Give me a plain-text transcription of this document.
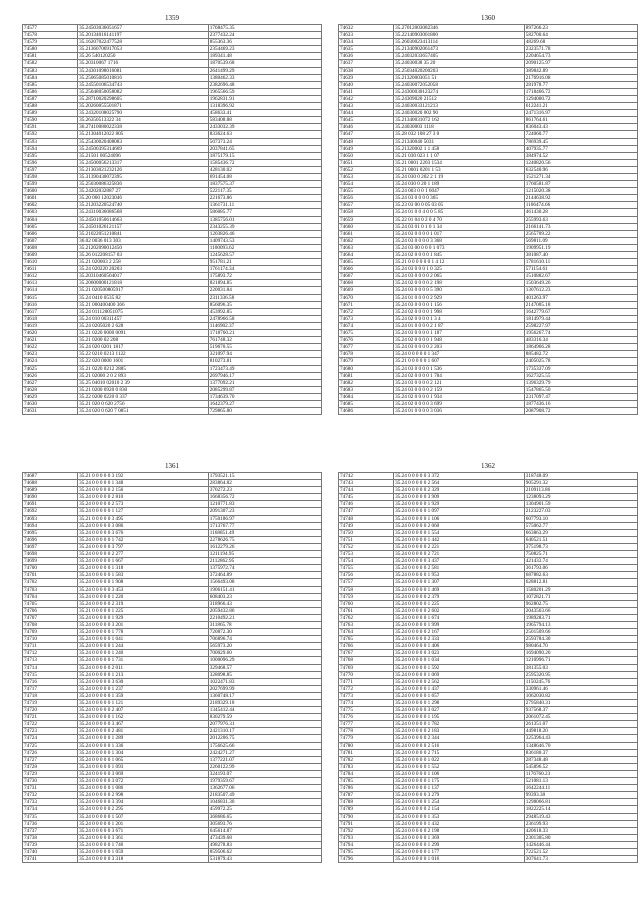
1359
74577	35.24503036051657	1768475.35
74578	35.20134016141197	2377432.24
74579	35.16207022477528	855363.36
74580	35.21360706917053	2354469.23
74581	35.26 540120250	189341.48
74582	35.20310067 1716	1870539.68
74583	35.24301098016081	2641499.29
74584	35.25065085010816	1380462.33
74585	35.24550106534743	2382696.48
74586	35.25048050058082	1965566.59
74587	35.28710020298605	1962831.91
74588	35.20260055501871	1318396.92
74589	35.24320108025790	458633.41
74590	35.26350513322 34	583408.88
74591	36.27410080022338	2433032.39
74592	35.21304012022 805	833624.63
74593	35.25430020408083	507373.24
74594	35.24500395314669	2037841.65
74595	35.21501 00524096	1875179.15
74596	35.24500056213317	1585436.72
74597	35.21303021232126	428130.02
74598	35.31390430072395	691454.08
74599	35.25030086325836	1837575.37
74600	35.24202032887 27	522117.35
74601	35.20 060 12023046	221673.86
74602	35.21203220524740	1361731.11
74603	35.24310036086568	586085.77
74604	35.24501050614663	1385756.01
74605	35.24501026121157	2343255.39
74606	35.21022051210841	1203826.46
74607	36.02 0036 013 303	1409743.53
74608	35.21202090012450	1100093.62
74609	35.26 012208157 03	1245628.57
74610	35.21 020003 2 258	951781.21
74611	35.24 020220 20203	1761174.34
74612	35.20310460504017	175893.72
74613	35.20600000121818	821894.85
74614	35.21 020500805917	220031.84
74615	35.24 0410 0535 82	2311336.58
74616	35.21 000400400 366	856096.35
74617	35.24 011120051075	453992.85
74618	35.24 010 00311457	2478966.58
74619	35.24 0205020 2 628	1146902.37
74620	35.21 0220 0000 0091	1718760.21
74621	35.21 0200 02 208	761748.32
74622	35.24 020 0201 1817	519670.55
74623	35.22 0210 0213 1122	321097.94
74624	35.22 020 0000 1601	810273.81
74625	35.21 0220 0212 2885	1723473.49
74626	35.21 02000 2 0 2 893	2697946.17
74627	35.25 04010 02010 2 39	1377092.21
74628	35.21 0200 0920 0 830	2085299.87
74629	35.22 0200 0220 0 337	1734639.70
74630	35.21 020 0 620 2756	1642379.27
74631	35.24 020 0 620 7 0851	729865.80
1360
74632	35.27012003082346	897266.23
74633	35.22140903001800	582700.64
74634	35.26030023413114	48269.68
74635	35.21340902061473	2323571.78
74636	35.24032033657405	2204654.73
74637	35.24030038 35 20	2090125.97
74638	35.25034020200203	389842.89
74639	35.21320003051 51	2176916.08
74640	35.24030072052058	281978.77
74641	35.24300030123274	1718466.72
74642	35.24309020 21512	1294000.72
74643	35.24030033121213	612241.21
74644	35.24030020 002 90	2471316.97
74645	35.21340031072 162	861764.61
74646	35.24030003 1118	836043.43
74647	35.28 032 108 27 3 0	724060.77
74648	35.21340040 5031	786939.45
74649	35.21320002 1 1 458	407935.77
74650	35.21 030 023 1 1 07	384974.52
74651	35.21 0001 2203 1534	1240820.56
74652	35.21 0001 0201 1 53	632540.96
74653	35.24 030 0 202 2 1 19	1521271.34
74654	35.24 030 0 20 1 189	1760581.87
74655	35.24 003 0 0 1 6047	1215020.38
74656	35.24 03 0 0 0 0 365	2144638.92
74657	35.23 03 00 0 05 03 05	1106474.66
74658	35.24 01 0 0 4 0 0 5 85	461430.28
74659	35.22 01 04 0 2 0 4 70	255993.63
74660	35.24 03 01 0 1 0 1 34	2166141.73
74661	35.24 03 0 0 0 0 1 017	2565709.22
74662	35.24 03 0 0 0 0 3 368	569811.09
74663	35.24 03 00 0 0 0 1 073	1909951.19
74664	35.24 02 0 0 0 0 1 845	381087.40
74665	35.21 0 0 0 0 0 0 1 4 12	1781610.11
74666	35.24 03 0 0 0 1 0 325	571154.61
74667	35.24 03 0 0 0 0 2 065	1510882.67
74668	35.24 02 0 0 0 0 2 198	1503649.26
74669	35.24 03 0 0 0 0 5 390	1307612.23
74670	35.24 01 0 0 0 0 2 929	401263.97
74671	35.24 03 0 0 0 0 1 156	2147005.18
74672	35.24 02 0 0 0 0 1 998	1642779.67
74673	35.24 02 0 0 0 0 1 3 4	1814979.44
74674	35.24 01 0 0 0 0 2 1 87	2598227.97
74675	35.24 03 0 0 0 0 1 187	1956267.74
74676	35.24 02 0 0 0 0 1 948	483316.34
74677	35.24 03 0 0 0 0 2 203	1864966.28
74678	35.24 0 0 0 0 0 1 347	885482.72
74679	35.21 0 0 0 0 0 1 607	2405025.78
74680	35.24 03 0 0 0 0 1 536	1735337.09
74681	35.24 02 0 0 0 0 1 784	1627325.55
74682	35.24 03 0 0 0 0 2 121	1396329.79
74683	35.24 03 0 0 0 0 2 159	1547865.50
74684	35.24 02 0 0 0 0 1 934	2317097.47
74685	35.24 02 0 0 0 0 3 699	1877436.16
74686	35.24 01 0 0 0 0 3 036	2087908.72
1361
74687	35.21 0 0 0 0 0 3 192	1793521.15
74688	35.24 0 0 0 0 0 1 348	283864.82
74689	35.24 0 0 0 0 0 2 156	370272.23
74690	35.24 0 0 0 0 0 2 810	1668356.72
74691	35.24 0 0 0 0 0 2 573	1210771.83
74692	35.24 0 0 0 0 0 1 127	2091307.23
74693	35.21 0 0 0 0 0 3 495	1750186.97
74694	35.24 0 0 0 0 0 3 086	1713767.77
74695	35.24 0 0 0 0 0 3 676	1168851.49
74696	35.24 0 0 0 0 0 1 742	2278626.75
74697	35.24 0 0 0 0 0 3 797	1612279.26
74698	35.24 0 0 0 0 0 2 277	1211194.95
74699	35.24 0 0 0 0 0 1 667	2112862.95
74700	35.24 0 0 0 0 0 1 318	1375972.74
74701	35.24 0 0 0 0 0 1 583	372464.89
74702	35.24 0 0 0 0 0 1 908	1566493.08
74703	35.24 0 0 0 0 0 3 453	1906151.41
74704	35.24 0 0 0 0 0 1 220	608403.23
74705	35.24 0 0 0 0 0 2 319	318966.43
74706	35.21 0 0 0 0 0 1 225	2059432.86
74707	35.24 0 0 0 0 0 1 929	2210492.21
74708	35.24 0 0 0 0 0 3 201	311865.78
74709	35.24 0 0 0 0 0 1 778	720872.30
74710	35.24 0 0 0 0 0 1 041	706896.74
74711	35.24 0 0 0 0 0 1 244	565973.20
74712	35.24 0 0 0 0 0 1 240	700029.60
74713	35.24 0 0 0 0 0 1 731	1000096.29
74714	35.24 0 0 0 0 0 2 011	329468.57
74715	35.24 0 0 0 0 0 1 213	328098.85
74716	35.24 0 0 0 0 0 3 630	1022471.83
74717	35.24 0 0 0 0 0 1 237	2027699.99
74718	35.24 0 0 0 0 0 1 359	1360748.17
74719	35.24 0 0 0 0 0 1 121	2189329.18
74720	35.24 0 0 0 0 0 2 407	1345412.44
74721	35.24 0 0 0 0 0 1 162	830279.59
74722	35.24 0 0 0 0 0 3 467	2077976.31
74723	35.24 0 0 0 0 0 2 481	2421310.17
74724	35.24 0 0 0 0 0 1 289	2012206.75
74725	35.24 0 0 0 0 0 1 336	1756625.66
74726	35.24 0 0 0 0 0 1 304	2424271.27
74727	35.24 0 0 0 0 0 1 065	1377221.07
74728	35.24 0 0 0 0 0 1 093	2260122.99
74729	35.24 0 0 0 0 0 3 069	324193.07
74730	35.24 0 0 0 0 0 3 072	1979359.67
74731	35.24 0 0 0 0 0 1 086	1362677.06
74732	35.24 0 0 0 0 0 2 998	2183507.49
74733	35.24 0 0 0 0 0 3 394	1046831.30
74734	35.24 0 0 0 0 0 2 295	459972.25
74735	35.24 0 0 0 0 0 1 507	368686.65
74736	35.24 0 0 0 0 0 1 201	305693.76
74737	35.24 0 0 0 0 0 3 671	645614.87
74738	35.24 0 0 0 0 0 3 361	473439.68
74739	35.24 0 0 0 0 0 1 746	498278.83
74740	35.24 0 0 0 0 0 1 059	859506.62
74741	35.24 0 0 0 0 0 3 318	531879.43
1362
74742	35.24 0 0 0 0 0 3 372	318748.09
74743	35.24 0 0 0 0 0 2 564	905291.32
74744	35.24 0 0 0 0 0 2 329	2109113.86
74745	35.24 0 0 0 0 0 3 909	1238093.29
74746	35.24 0 0 0 0 0 1 929	1304901.59
74747	35.24 0 0 0 0 0 1 097	2123227.03
74748	35.24 0 0 0 0 0 1 106	607793.10
74749	35.24 0 0 0 0 0 2 060	575062.77
74750	35.24 0 0 0 0 0 1 554	663863.29
74751	35.24 0 0 0 0 0 1 442	640521.51
74752	35.24 0 0 0 0 0 2 221	375198.73
74753	35.24 0 0 0 0 0 2 721	750825.71
74754	35.24 0 0 0 0 0 3 437	421433.74
74755	35.24 0 0 0 0 0 2 581	361793.06
74756	35.24 0 0 0 0 0 1 953	687882.63
74757	35.24 0 0 0 0 0 1 307	628812.81
74758	35.24 0 0 0 0 0 1 469	1580201.29
74759	35.24 0 0 0 0 0 2 379	1072821.71
74760	35.24 0 0 0 0 0 1 225	962802.75
74761	35.24 0 0 0 0 0 2 602	2043563.66
74762	35.24 0 0 0 0 0 1 674	1989283.71
74763	35.24 0 0 0 0 0 1 999	1965794.13
74764	35.24 0 0 0 0 0 2 167	2501509.66
74765	35.24 0 0 0 0 0 2 333	2593784.30
74766	35.24 0 0 0 0 0 1 406	980464.70
74767	35.24 0 0 0 0 0 3 023	1694090.20
74768	35.24 0 0 0 0 0 1 034	1210996.71
74769	35.24 0 0 0 0 0 1 592	381355.03
74770	35.24 0 0 0 0 0 1 069	2595320.95
74771	35.24 0 0 0 0 0 2 562	1150245.76
74772	35.24 0 0 0 0 0 1 437	330961.46
74773	35.24 0 0 0 0 0 1 657	1062030.82
74774	35.24 0 0 0 0 0 1 298	2795840.31
74775	35.24 0 0 0 0 0 3 027	937568.37
74776	35.24 0 0 0 0 0 1 195	2061072.45
74777	35.24 0 0 0 0 0 1 782	261351.07
74778	35.24 0 0 0 0 0 2 183	449818.20
74779	35.24 0 0 0 0 0 2 344	3253964.43
74780	35.24 0 0 0 0 0 2 516	1348646.70
74781	35.24 0 0 0 0 0 2 715	836180.37
74782	35.24 0 0 0 0 0 1 022	287348.48
74783	35.24 0 0 0 0 0 1 552	545896.52
74784	35.24 0 0 0 0 0 1 106	1176760.23
74785	35.24 0 0 0 0 0 1 175	521081.13
74786	35.24 0 0 0 0 0 1 137	1642244.11
74787	35.24 0 0 0 0 0 3 279	99393.30
74788	35.24 0 0 0 0 0 1 254	1298066.81
74789	35.24 0 0 0 0 0 2 154	1822225.14
74790	35.24 0 0 0 0 0 1 353	2948519.43
74791	35.24 0 0 0 0 0 1 432	236199.93
74792	35.24 0 0 0 0 0 2 198	420618.33
74793	35.24 0 0 0 0 0 1 369	2301305.80
74794	35.24 0 0 0 0 0 1 299	1426446.44
74795	35.24 0 0 0 0 0 1 177	722521.52
74796	35.24 0 0 0 0 0 1 016	307641.73
